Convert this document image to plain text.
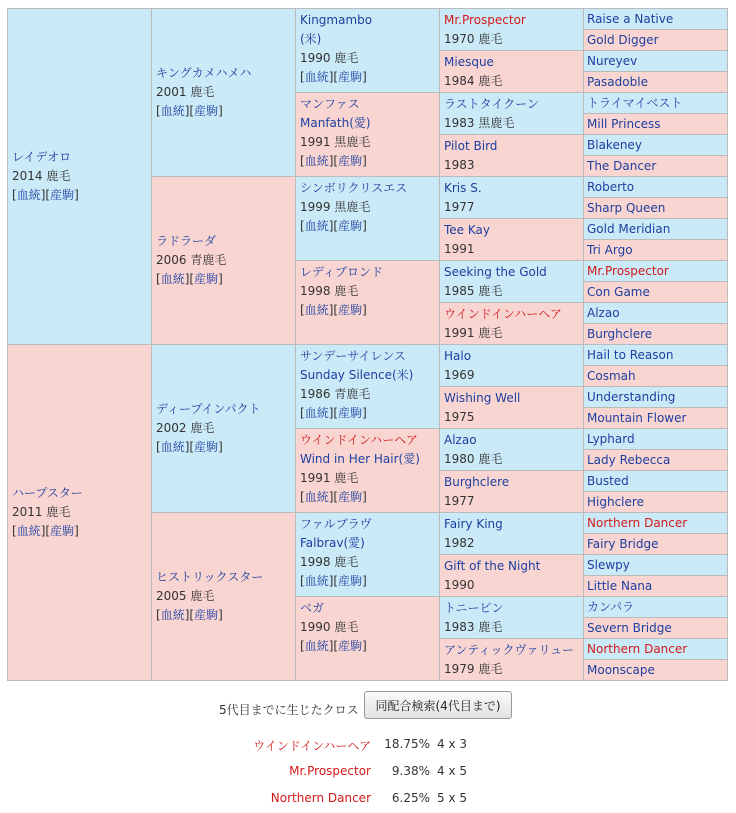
レイデオロ
2014 鹿毛
[血統][産駒]	キングカメハメハ
2001 鹿毛
[血統][産駒]	Kingmambo
(米)
1990 鹿毛
[血統][産駒]	Mr.Prospector
1970 鹿毛	Raise a Native

				Gold Digger

			Miesque
1984 鹿毛	Nureyev

				Pasadoble

		マンファス
Manfath(愛)
1991 黒鹿毛
[血統][産駒]	ラストタイクーン
1983 黒鹿毛	トライマイベスト

				Mill Princess

			Pilot Bird
1983	Blakeney

				The Dancer

	ラドラーダ
2006 青鹿毛
[血統][産駒]	シンボリクリスエス
1999 黒鹿毛
[血統][産駒]	Kris S.
1977	Roberto

				Sharp Queen

			Tee Kay
1991	Gold Meridian

				Tri Argo

		レディブロンド
1998 鹿毛
[血統][産駒]	Seeking the Gold
1985 鹿毛	Mr.Prospector

				Con Game

			ウインドインハーヘア
1991 鹿毛	Alzao

				Burghclere

ハープスター
2011 鹿毛
[血統][産駒]	ディープインパクト
2002 鹿毛
[血統][産駒]	サンデーサイレンス
Sunday Silence(米)
1986 青鹿毛
[血統][産駒]	Halo
1969	Hail to Reason

				Cosmah

			Wishing Well
1975	Understanding

				Mountain Flower

		ウインドインハーヘア
Wind in Her Hair(愛)
1991 鹿毛
[血統][産駒]	Alzao
1980 鹿毛	Lyphard

				Lady Rebecca

			Burghclere
1977	Busted

				Highclere

	ヒストリックスター
2005 鹿毛
[血統][産駒]	ファルブラヴ
Falbrav(愛)
1998 鹿毛
[血統][産駒]	Fairy King
1982	Northern Dancer

				Fairy Bridge

			Gift of the Night
1990	Slewpy

				Little Nana

		ベガ
1990 鹿毛
[血統][産駒]	トニービン
1983 鹿毛	カンパラ

				Severn Bridge

			アンティックヴァリュー
1979 鹿毛	Northern Dancer

				Moonscape
5代目までに生じたクロス	同配合検索(4代目まで)
ウインドインハーヘア	18.75% 4 x 3
Mr.Prospector	9.38% 4 x 5
Northern Dancer	6.25% 5 x 5
